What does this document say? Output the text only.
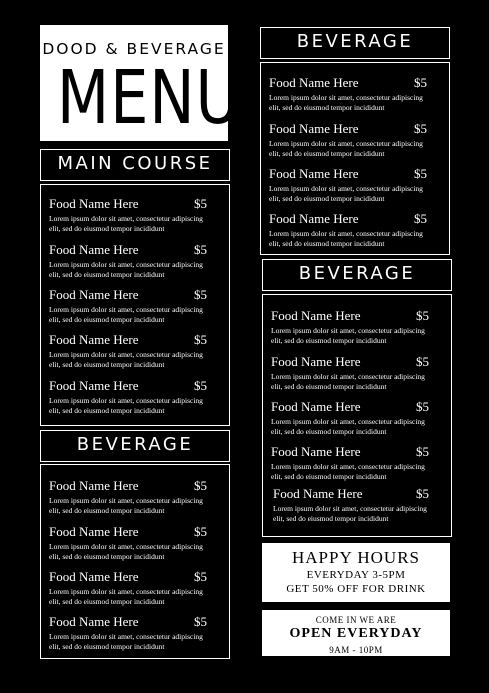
DOOD & BEVERAGE
MENU
MAIN COURSE
Food Name Here	$5
Lorem ipsum dolor sit amet, consectetur adipiscing
elit, sed do eiusmod tempor incididunt
Food Name Here	$5
Lorem ipsum dolor sit amet, consectetur adipiscing
elit, sed do eiusmod tempor incididunt
Food Name Here	$5
Lorem ipsum dolor sit amet, consectetur adipiscing
elit, sed do eiusmod tempor incididunt
Food Name Here	$5
Lorem ipsum dolor sit amet, consectetur adipiscing
elit, sed do eiusmod tempor incididunt
Food Name Here	$5
Lorem ipsum dolor sit amet, consectetur adipiscing
elit, sed do eiusmod tempor incididunt
BEVERAGE
Food Name Here	$5
Lorem ipsum dolor sit amet, consectetur adipiscing
elit, sed do eiusmod tempor incididunt
Food Name Here	$5
Lorem ipsum dolor sit amet, consectetur adipiscing
elit, sed do eiusmod tempor incididunt
Food Name Here	$5
Lorem ipsum dolor sit amet, consectetur adipiscing
elit, sed do eiusmod tempor incididunt
Food Name Here	$5
Lorem ipsum dolor sit amet, consectetur adipiscing
elit, sed do eiusmod tempor incididunt
BEVERAGE
Food Name Here	$5
Lorem ipsum dolor sit amet, consectetur adipiscing
elit, sed do eiusmod tempor incididunt
Food Name Here	$5
Lorem ipsum dolor sit amet, consectetur adipiscing
elit, sed do eiusmod tempor incididunt
Food Name Here	$5
Lorem ipsum dolor sit amet, consectetur adipiscing
elit, sed do eiusmod tempor incididunt
Food Name Here	$5
Lorem ipsum dolor sit amet, consectetur adipiscing
elit, sed do eiusmod tempor incididunt
BEVERAGE
Food Name Here	$5
Lorem ipsum dolor sit amet, consectetur adipiscing
elit, sed do eiusmod tempor incididunt
Food Name Here	$5
Lorem ipsum dolor sit amet, consectetur adipiscing
elit, sed do eiusmod tempor incididunt
Food Name Here	$5
Lorem ipsum dolor sit amet, consectetur adipiscing
elit, sed do eiusmod tempor incididunt
Food Name Here	$5
Lorem ipsum dolor sit amet, consectetur adipiscing
elit, sed do eiusmod tempor incididunt
Food Name Here	$5
Lorem ipsum dolor sit amet, consectetur adipiscing
elit, sed do eiusmod tempor incididunt
HAPPY HOURS
EVERYDAY 3-5PM
GET 50% OFF FOR DRINK
COME IN WE ARE
OPEN EVERYDAY
9AM - 10PM
